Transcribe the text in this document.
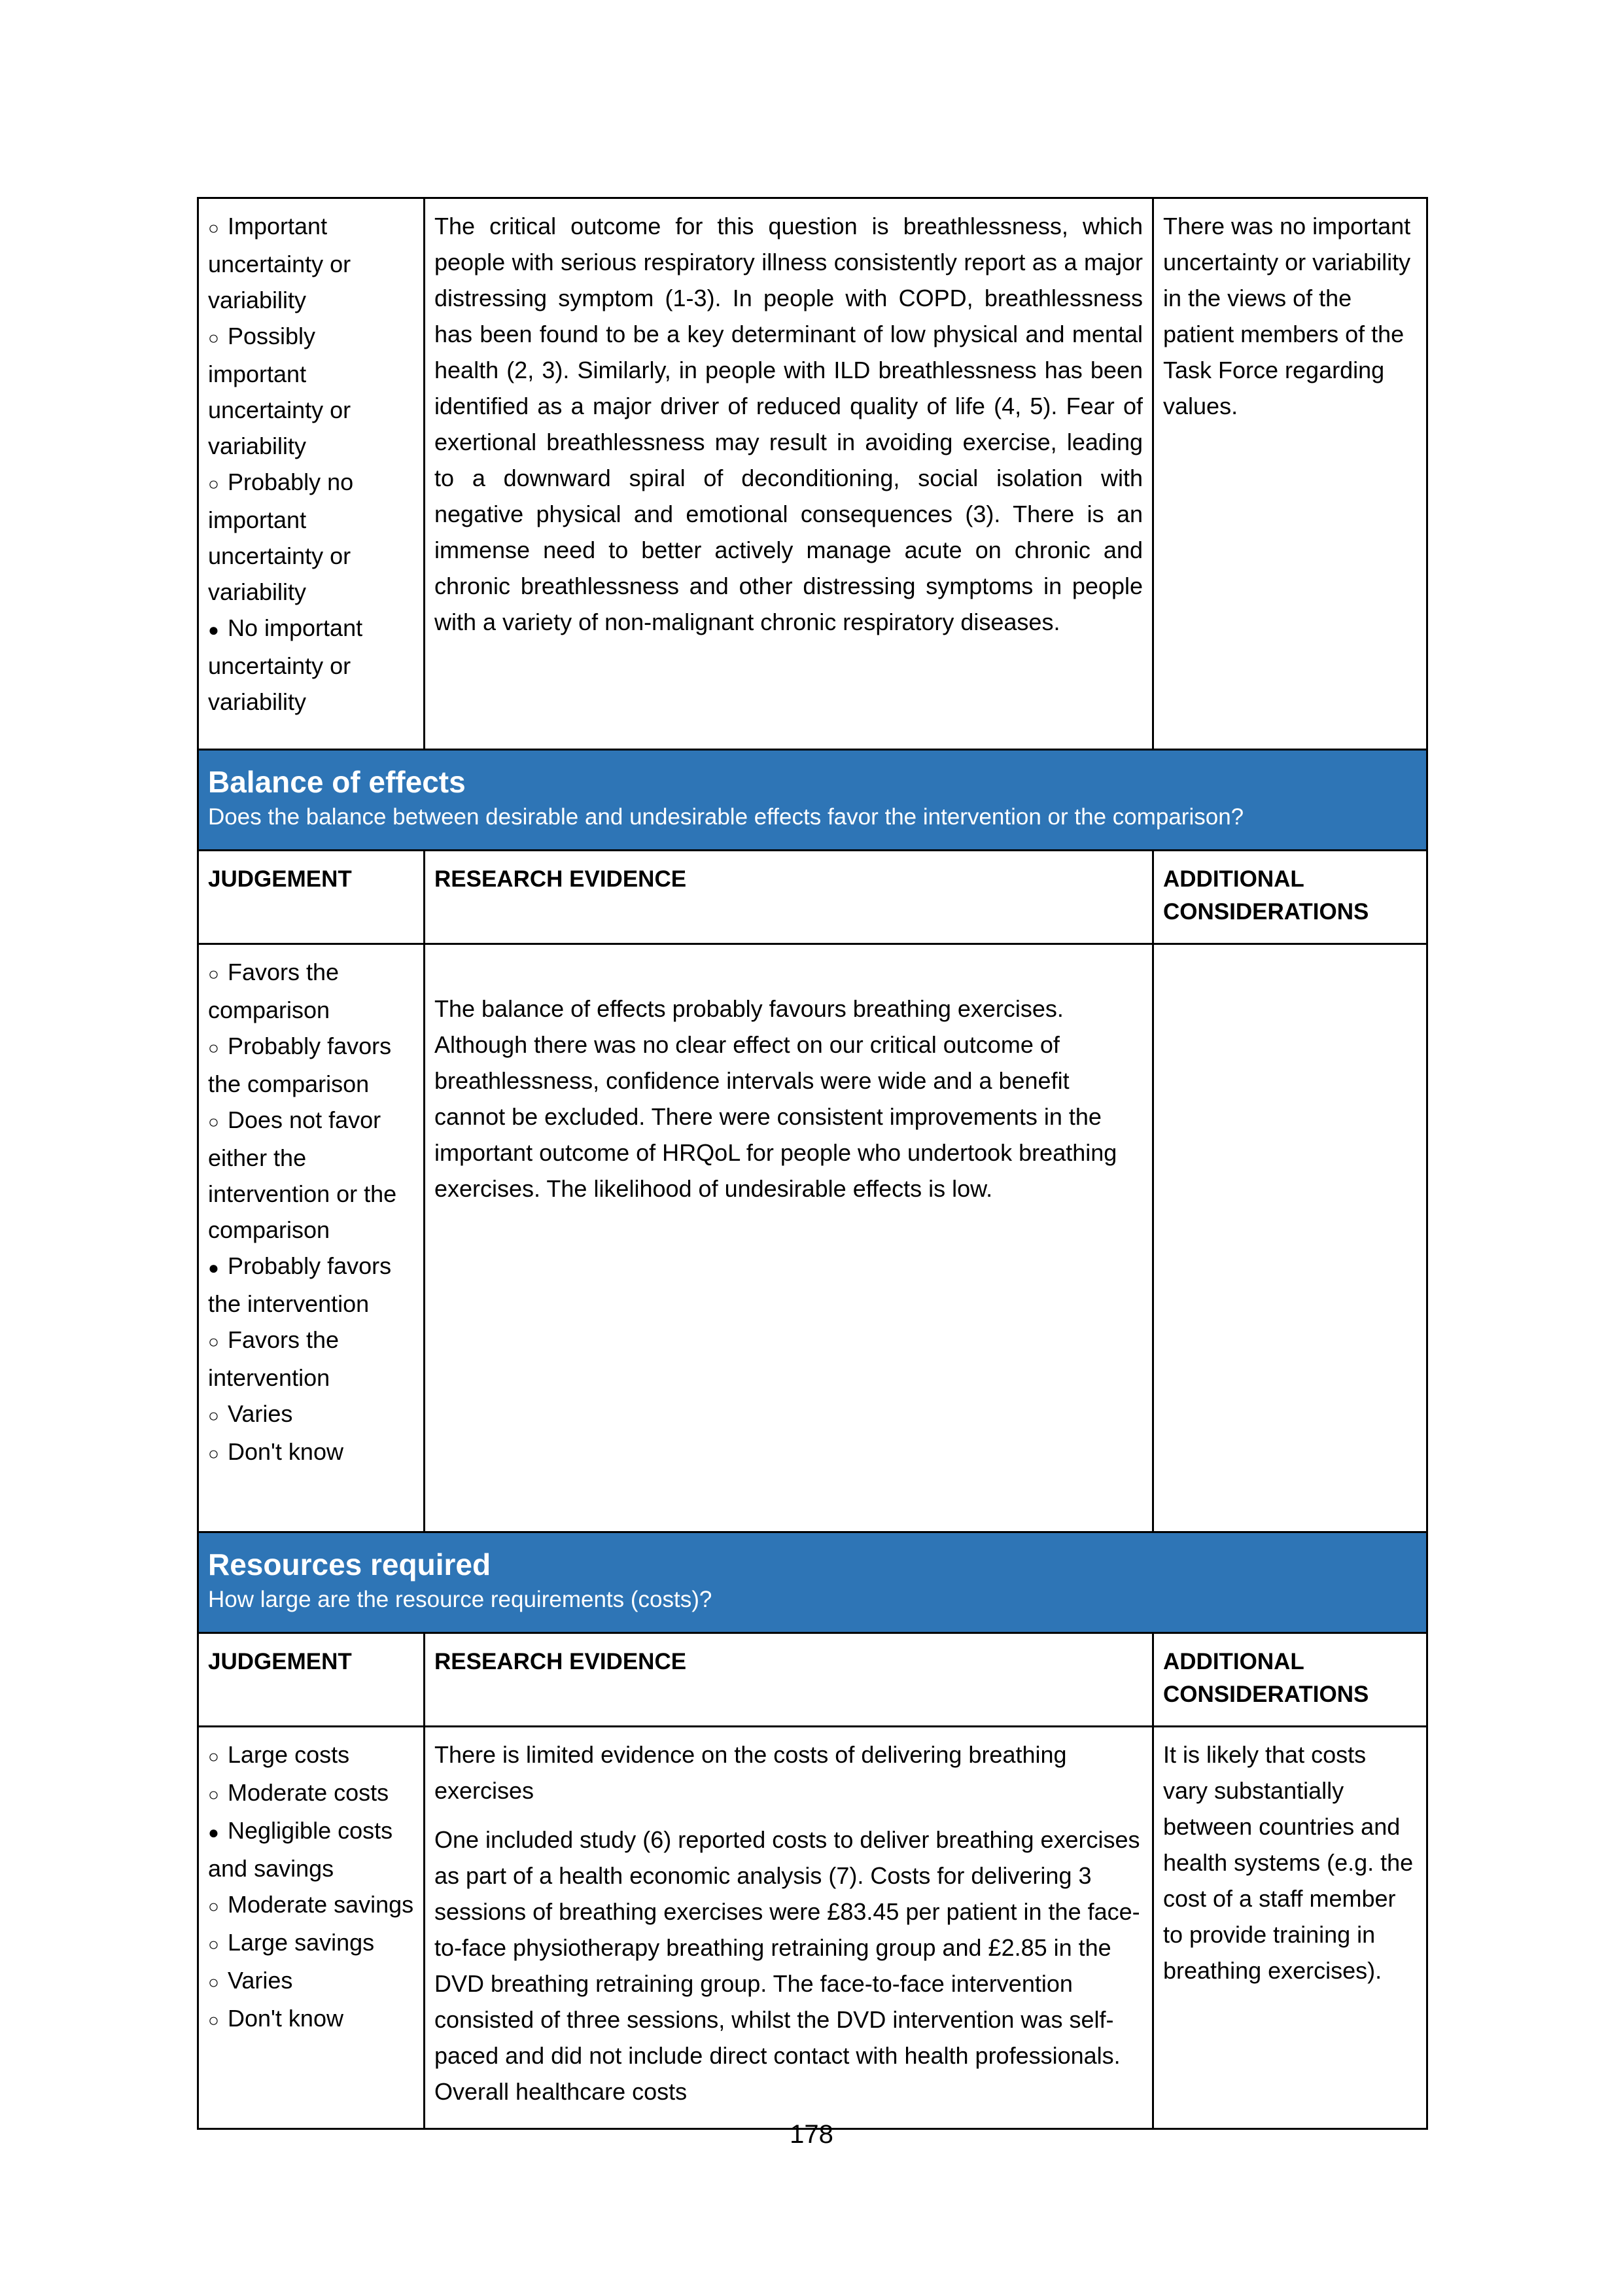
○ Important uncertainty or variability
○ Possibly important uncertainty or variability
○ Probably no important uncertainty or variability
● No important uncertainty or variability
	The critical outcome for this question is breathlessness, which people with serious respiratory illness consistently report as a major distressing symptom (1-3). In people with COPD, breathlessness has been found to be a key determinant of low physical and mental health (2, 3). Similarly, in people with ILD breathlessness has been identified as a major driver of reduced quality of life (4, 5). Fear of exertional breathlessness may result in avoiding exercise, leading to a downward spiral of deconditioning, social isolation with negative physical and emotional consequences (3). There is an immense need to better actively manage acute on chronic and chronic breathlessness and other distressing symptoms in people with a variety of non-malignant chronic respiratory diseases.	There was no important uncertainty or variability in the views of the patient members of the Task Force regarding values.

Balance of effects
Does the balance between desirable and undesirable effects favor the intervention or the comparison?		

JUDGEMENT	RESEARCH EVIDENCE	ADDITIONAL CONSIDERATIONS

○ Favors the comparison
○ Probably favors the comparison
○ Does not favor either the intervention or the comparison
● Probably favors the intervention
○ Favors the intervention
○ Varies
○ Don't know
	The balance of effects probably favours breathing exercises. Although there was no clear effect on our critical outcome of breathlessness, confidence intervals were wide and a benefit cannot be excluded. There were consistent improvements in the important outcome of HRQoL for people who undertook breathing exercises. The likelihood of undesirable effects is low.	

Resources required
How large are the resource requirements (costs)?		

JUDGEMENT	RESEARCH EVIDENCE	ADDITIONAL CONSIDERATIONS

○ Large costs
○ Moderate costs
● Negligible costs and savings
○ Moderate savings
○ Large savings
○ Varies
○ Don't know
	There is limited evidence on the costs of delivering breathing exercises
One included study (6) reported costs to deliver breathing exercises as part of a health economic analysis (7). Costs for delivering 3 sessions of breathing exercises were £83.45 per patient in the face-to-face physiotherapy breathing retraining group and £2.85 in the DVD breathing retraining group. The face-to-face intervention consisted of three sessions, whilst the DVD intervention was self-paced and did not include direct contact with health professionals. Overall healthcare costs
	It is likely that costs vary substantially between countries and health systems (e.g. the cost of a staff member to provide training in breathing exercises).
178
